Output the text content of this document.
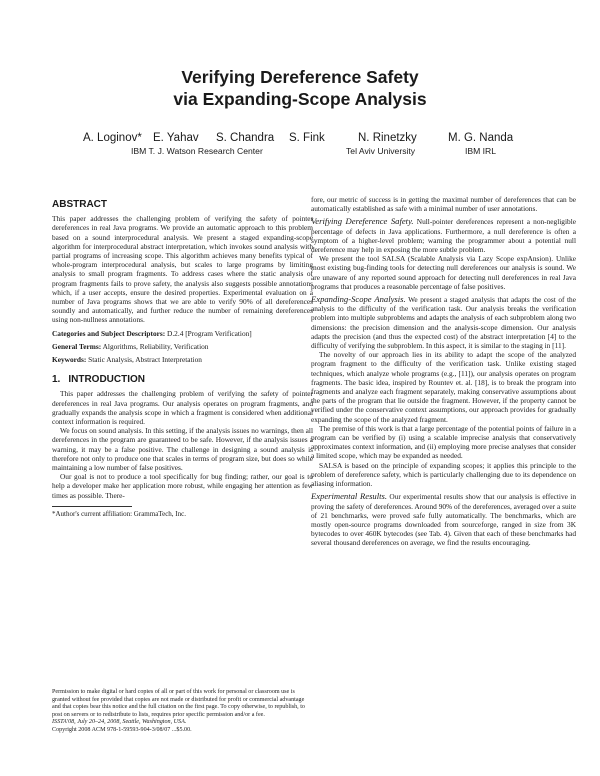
Verifying Dereference Safety
via Expanding-Scope Analysis
A. Loginov* E. Yahav S. Chandra S. Fink	N. Rinetzky	M. G. Nanda
IBM T. J. Watson Research Center	Tel Aviv University	IBM IRL
ABSTRACT

This paper addresses the challenging problem of verifying the safety of pointer dereferences in real Java programs. We provide an automatic approach to this problem based on a sound interprocedural analysis. We present a staged expanding-scope algorithm for interprocedural abstract interpretation, which invokes sound analysis with partial programs of increasing scope. This algorithm achieves many benefits typical of whole-program interprocedural analysis, but scales to large programs by limiting analysis to small program fragments. To address cases where the static analysis of program fragments fails to prove safety, the analysis also suggests possible annotations which, if a user accepts, ensure the desired properties. Experimental evaluation on a number of Java programs shows that we are able to verify 90% of all dereferences soundly and automatically, and further reduce the number of remaining dereferences using non-nullness annotations.

Categories and Subject Descriptors: D.2.4 [Program Verification]

General Terms: Algorithms, Reliability, Verification

Keywords: Static Analysis, Abstract Interpretation

1. INTRODUCTION

This paper addresses the challenging problem of verifying the safety of pointer dereferences in real Java programs. Our analysis operates on program fragments, and gradually expands the analysis scope in which a fragment is considered when additional context information is required.

We focus on sound analysis. In this setting, if the analysis issues no warnings, then all dereferences in the program are guaranteed to be safe. However, if the analysis issues a warning, it may be a false positive. The challenge in designing a sound analysis is therefore not only to produce one that scales in terms of program size, but does so while maintaining a low number of false positives.

Our goal is not to produce a tool specifically for bug finding; rather, our goal is to help a developer make her application more robust, while engaging her attention as few times as possible. There-

*Author's current affiliation: GrammaTech, Inc.

Permission to make digital or hard copies of all or part of this work for personal or classroom use is granted without fee provided that copies are not made or distributed for profit or commercial advantage and that copies bear this notice and the full citation on the first page. To copy otherwise, to republish, to post on servers or to redistribute to lists, requires prior specific permission and/or a fee.

ISSTA'08, July 20–24, 2008, Seattle, Washington, USA.

Copyright 2008 ACM 978-1-59593-904-3/08/07 ...$5.00.

fore, our metric of success is in getting the maximal number of dereferences that can be automatically established as safe with a minimal number of user annotations.

Verifying Dereference Safety. Null-pointer dereferences represent a non-negligible percentage of defects in Java applications. Furthermore, a null dereference is often a symptom of a higher-level problem; warning the programmer about a potential null dereference may help in exposing the more subtle problem.

We present the tool SALSA (Scalable Analysis via Lazy Scope expAnsion). Unlike most existing bug-finding tools for detecting null dereferences our analysis is sound. We are unaware of any reported sound approach for detecting null dereferences in real Java programs that produces a reasonable percentage of false positives.

Expanding-Scope Analysis. We present a staged analysis that adapts the cost of the analysis to the difficulty of the verification task. Our analysis breaks the verification problem into multiple subproblems and adapts the analysis of each subproblem along two dimensions: the precision dimension and the analysis-scope dimension. Our analysis adapts the precision (and thus the expected cost) of the abstract interpretation [4] to the difficulty of verifying the subproblem. In this aspect, it is similar to the staging in [11].

The novelty of our approach lies in its ability to adapt the scope of the analyzed program fragment to the difficulty of the verification task. Unlike existing staged techniques, which analyze whole programs (e.g., [11]), our analysis operates on program fragments. The basic idea, inspired by Rountev et. al. [18], is to break the program into fragments and analyze each fragment separately, making conservative assumptions about the parts of the program that lie outside the fragment. However, if the property cannot be verified under the conservative context assumptions, our approach provides for gradually expanding the scope of the analyzed fragment.

The premise of this work is that a large percentage of the potential points of failure in a program can be verified by (i) using a scalable imprecise analysis that conservatively approximates context information, and (ii) employing more precise analyses that consider a limited scope, which may be expanded as needed.

SALSA is based on the principle of expanding scopes; it applies this principle to the problem of dereference safety, which is particularly challenging due to its dependence on aliasing information.

Experimental Results. Our experimental results show that our analysis is effective in proving the safety of dereferences. Around 90% of the dereferences, averaged over a suite of 21 benchmarks, were proved safe fully automatically. The benchmarks, which are mostly open-source programs downloaded from sourceforge, ranged in size from 3K bytecodes to over 460K bytecodes (see Tab. 4). Given that each of these benchmarks had several thousand dereferences on average, we find the results encouraging.
